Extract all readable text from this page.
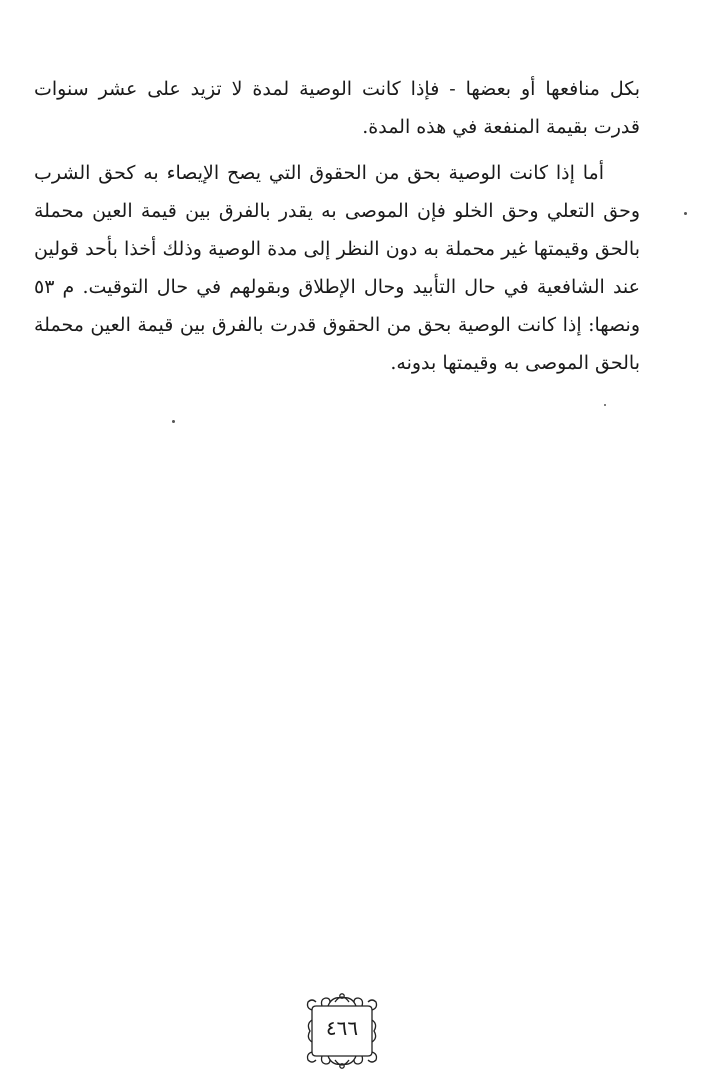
بكل منافعها أو بعضها - فإذا كانت الوصية لمدة لا تزيد على عشر سنوات قدرت بقيمة المنفعة في هذه المدة.

أما إذا كانت الوصية بحق من الحقوق التي يصح الإيصاء به كحق الشرب وحق التعلي وحق الخلو فإن الموصى به يقدر بالفرق بين قيمة العين محملة بالحق وقيمتها غير محملة به دون النظر إلى مدة الوصية وذلك أخذا بأحد قولين عند الشافعية في حال التأبيد وحال الإطلاق وبقولهم في حال التوقيت. م ٥٣ ونصها: إذا كانت الوصية بحق من الحقوق قدرت بالفرق بين قيمة العين محملة بالحق الموصى به وقيمتها بدونه.

٤٦٦
